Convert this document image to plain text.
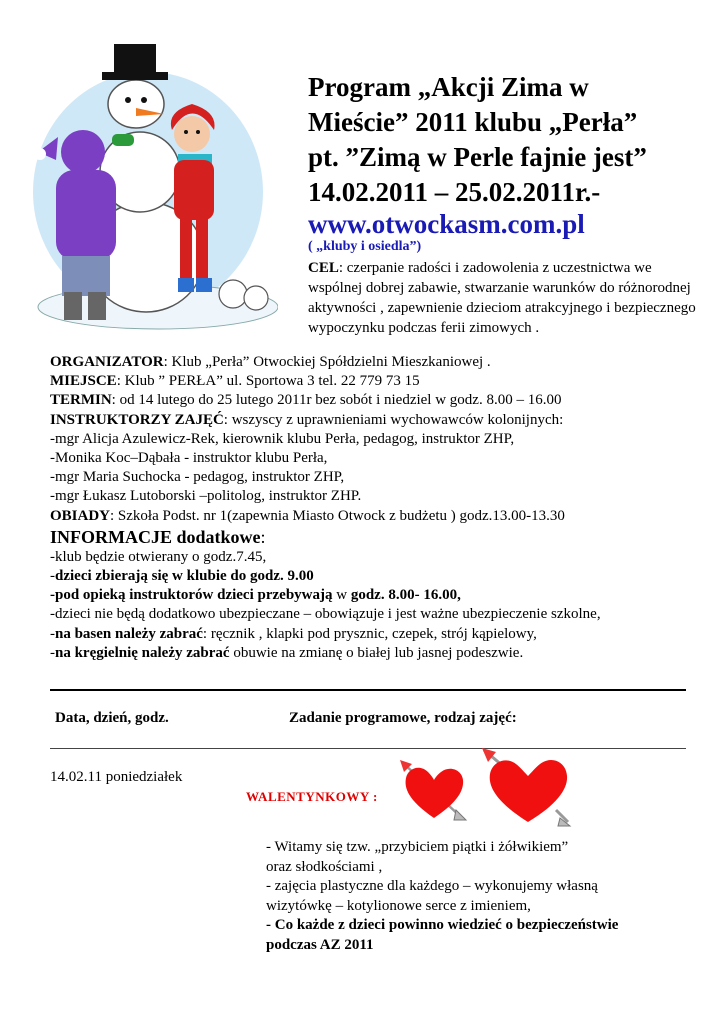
Program „Akcji Zima w
Mieście” 2011 klubu „Perła”
pt. ”Zimą w Perle fajnie jest”
14.02.2011 – 25.02.2011r.-
www.otwockasm.com.pl
( „kluby i osiedla”)
CEL: czerpanie radości i zadowolenia z uczestnictwa we wspólnej dobrej zabawie, stwarzanie warunków do różnorodnej aktywności , zapewnienie dzieciom atrakcyjnego i bezpiecznego wypoczynku podczas ferii zimowych .
ORGANIZATOR: Klub „Perła” Otwockiej Spółdzielni Mieszkaniowej .
MIEJSCE: Klub ” PERŁA” ul. Sportowa 3 tel. 22 779 73 15
TERMIN: od 14 lutego do 25 lutego 2011r bez sobót i niedziel w godz. 8.00 – 16.00
INSTRUKTORZY ZAJĘĆ: wszyscy z uprawnieniami wychowawców kolonijnych:
-mgr Alicja Azulewicz-Rek, kierownik klubu Perła, pedagog, instruktor ZHP,
-Monika Koc–Dąbała - instruktor klubu Perła,
-mgr Maria Suchocka - pedagog, instruktor ZHP,
-mgr Łukasz Lutoborski –politolog, instruktor ZHP.
OBIADY: Szkoła Podst. nr 1(zapewnia Miasto Otwock z budżetu ) godz.13.00-13.30
INFORMACJE dodatkowe:
-klub będzie otwierany o godz.7.45,
-dzieci zbierają się w klubie do godz. 9.00
-pod opieką instruktorów dzieci przebywają w godz. 8.00- 16.00,
-dzieci nie będą dodatkowo ubezpieczane – obowiązuje i jest ważne ubezpieczenie szkolne,
-na basen należy zabrać: ręcznik , klapki pod prysznic, czepek, strój kąpielowy,
-na kręgielnię należy zabrać obuwie na zmianę o białej lub jasnej podeszwie.
Data, dzień, godz.	Zadanie programowe, rodzaj zajęć:
14.02.11 poniedziałek
WALENTYNKOWY :
- Witamy się tzw. „przybiciem piątki i żółwikiem”
oraz słodkościami ,
- zajęcia plastyczne dla każdego – wykonujemy własną
wizytówkę – kotylionowe serce z imieniem,
- Co każde z dzieci powinno wiedzieć o bezpieczeństwie
podczas AZ 2011
